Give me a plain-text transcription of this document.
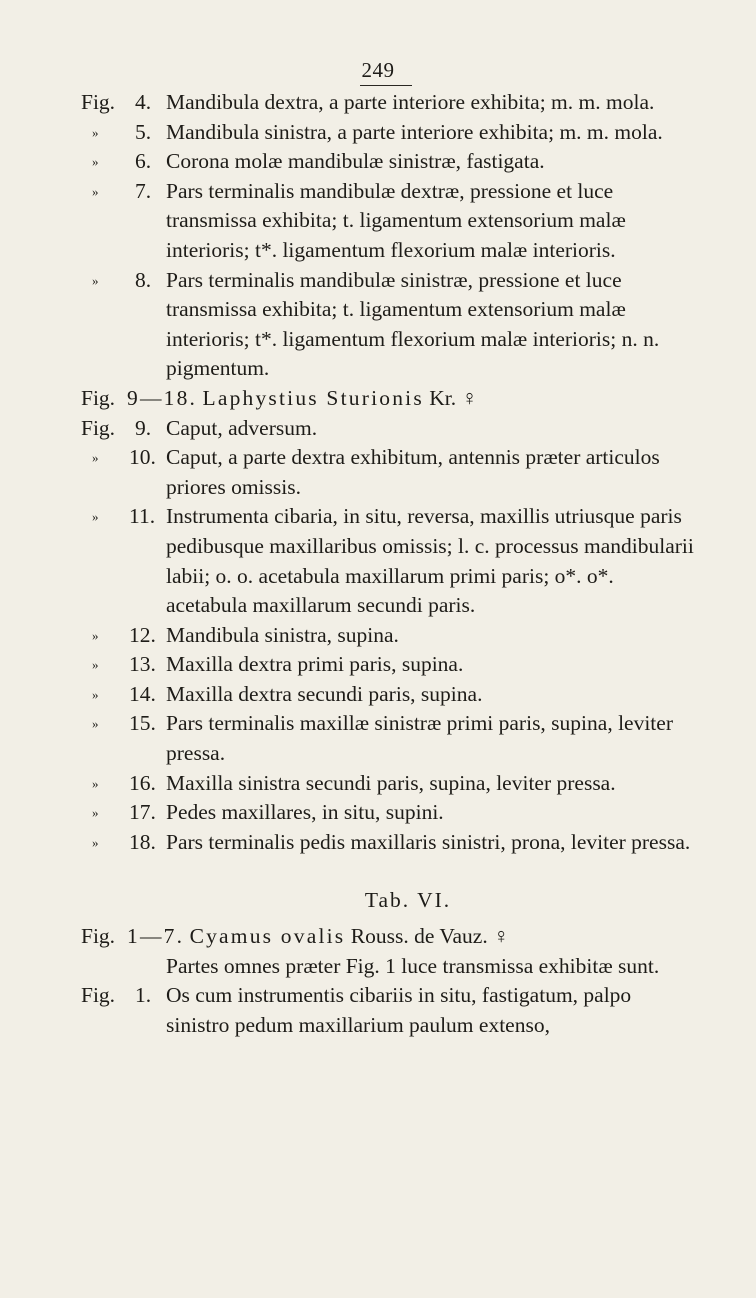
249
Fig. 4. Mandibula dextra, a parte interiore exhibita; m. m. mola.
»	5. Mandibula sinistra, a parte interiore exhibita; m. m. mola.
»	6. Corona molæ mandibulæ sinistræ, fastigata.
»	7. Pars terminalis mandibulæ dextræ, pressione et luce transmissa exhibita; t. ligamentum extensorium malæ interioris; t*. ligamentum flexorium malæ interioris.
»	8. Pars terminalis mandibulæ sinistræ, pressione et luce transmissa exhibita; t. ligamentum extensorium malæ interioris; t*. ligamentum flexorium malæ interioris; n. n. pigmentum.
Fig. 9—18. Laphystius Sturionis Kr. ♀
Fig. 9. Caput, adversum.
»	10. Caput, a parte dextra exhibitum, antennis præter articulos priores omissis.
»	11. Instrumenta cibaria, in situ, reversa, maxillis utriusque paris pedibusque maxillaribus omissis; l. c. processus mandibularii labii; o. o. acetabula maxillarum primi paris; o*. o*. acetabula maxillarum secundi paris.
»	12. Mandibula sinistra, supina.
»	13. Maxilla dextra primi paris, supina.
»	14. Maxilla dextra secundi paris, supina.
»	15. Pars terminalis maxillæ sinistræ primi paris, supina, leviter pressa.
»	16. Maxilla sinistra secundi paris, supina, leviter pressa.
»	17. Pedes maxillares, in situ, supini.
»	18. Pars terminalis pedis maxillaris sinistri, prona, leviter pressa.
Tab. VI.
Fig. 1—7. Cyamus ovalis Rouss. de Vauz. ♀
Partes omnes præter Fig. 1 luce transmissa exhibitæ sunt.
Fig. 1. Os cum instrumentis cibariis in situ, fastigatum, palpo sinistro pedum maxillarium paulum extenso,
